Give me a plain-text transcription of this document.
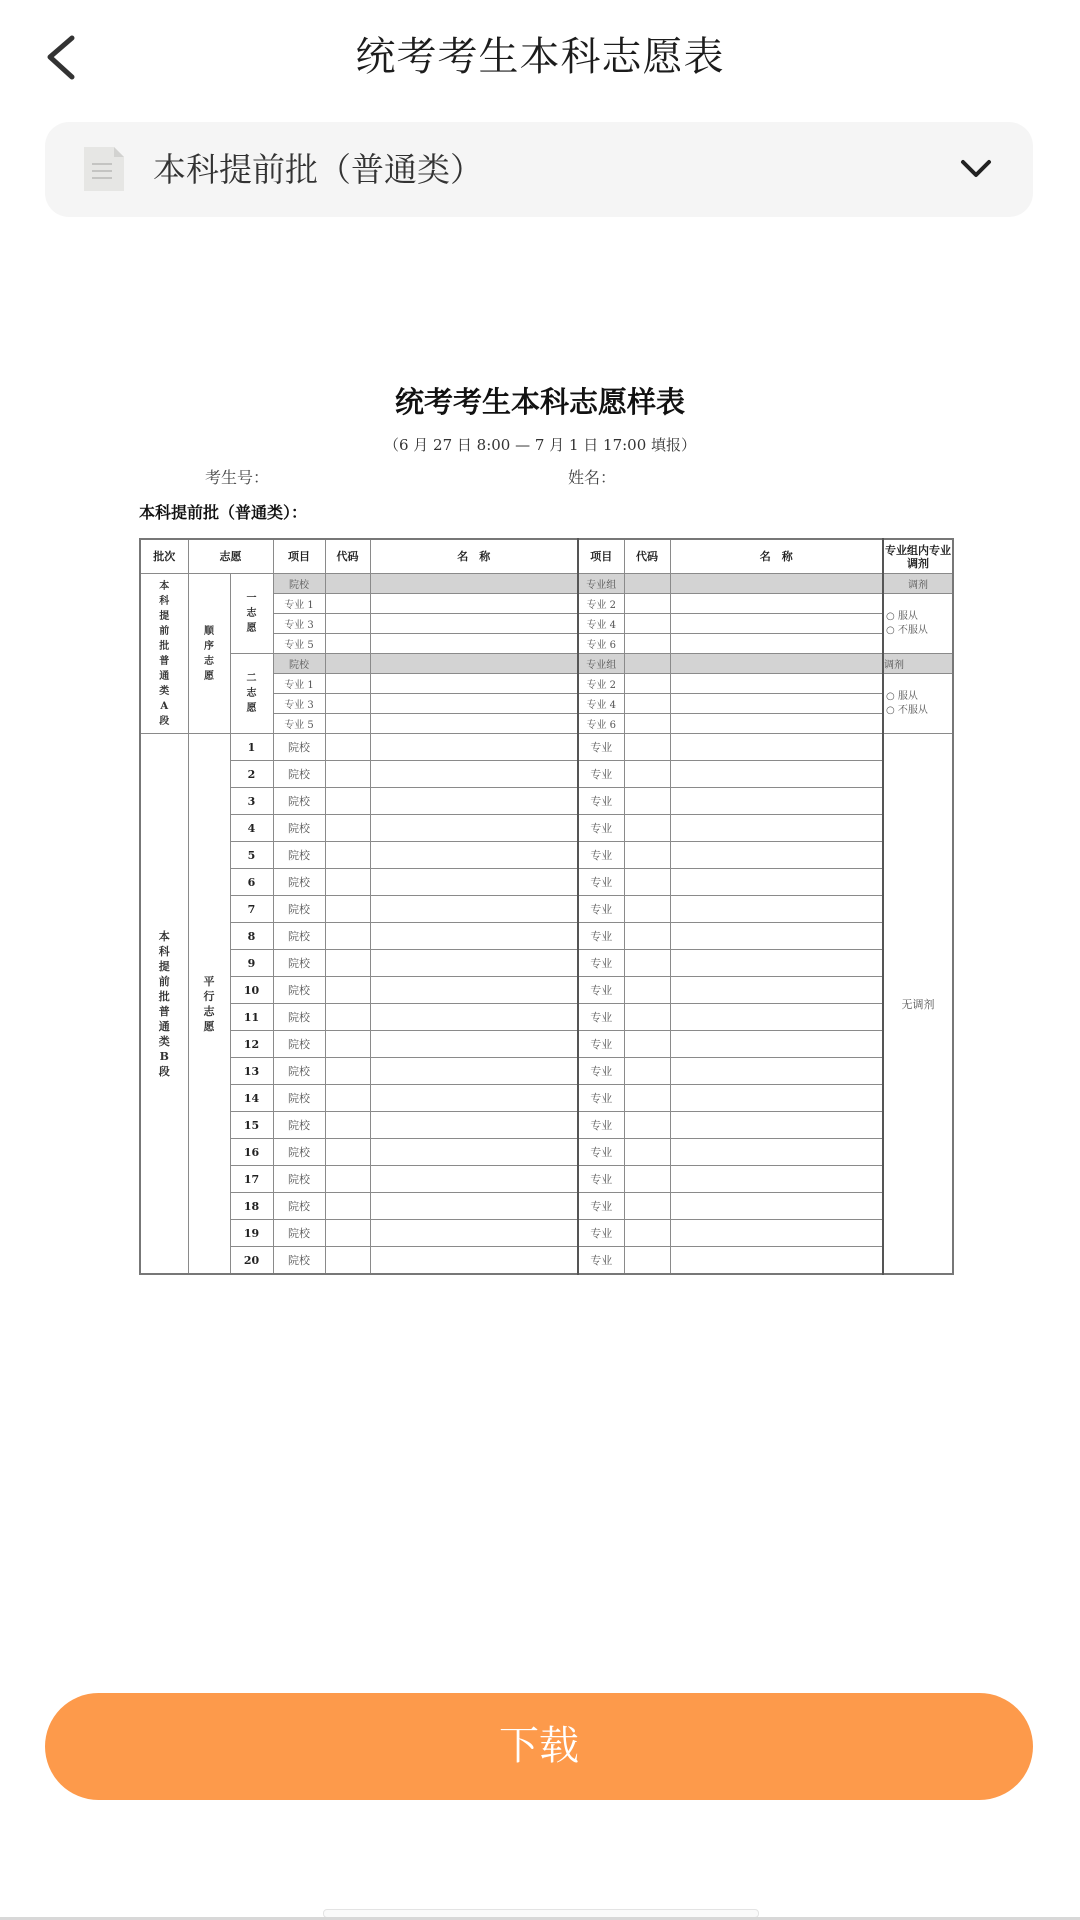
统考考生本科志愿表
本科提前批（普通类）
统考考生本科志愿样表
（6 月 27 日 8:00 — 7 月 1 日 17:00 填报）
考生号：	姓名：
本科提前批（普通类）：
批次	志愿		项目	代码	名　称	项目	代码	名　称	专业组内专业调剂

本科提前批普通类A段	顺序志愿	一志愿	院校			专业组			调剂
			专业 1			专业 2			○ 服从
○ 不服从

			专业 3			专业 4			
			专业 5			专业 6			

		二志愿	院校			专业组			调剂
			专业 1			专业 2			○ 服从
○ 不服从

			专业 3			专业 4			
			专业 5			专业 6			

本科提前批普通类B段	平行志愿	1	院校			专业			无调剂
		2	院校			专业			
		3	院校			专业			
		4	院校			专业			
		5	院校			专业			
		6	院校			专业			
		7	院校			专业			
		8	院校			专业			
		9	院校			专业			
		10	院校			专业			
		11	院校			专业			
		12	院校			专业			
		13	院校			专业			
		14	院校			专业			
		15	院校			专业			
		16	院校			专业			
		17	院校			专业			
		18	院校			专业			
		19	院校			专业			
		20	院校			专业			
下载
